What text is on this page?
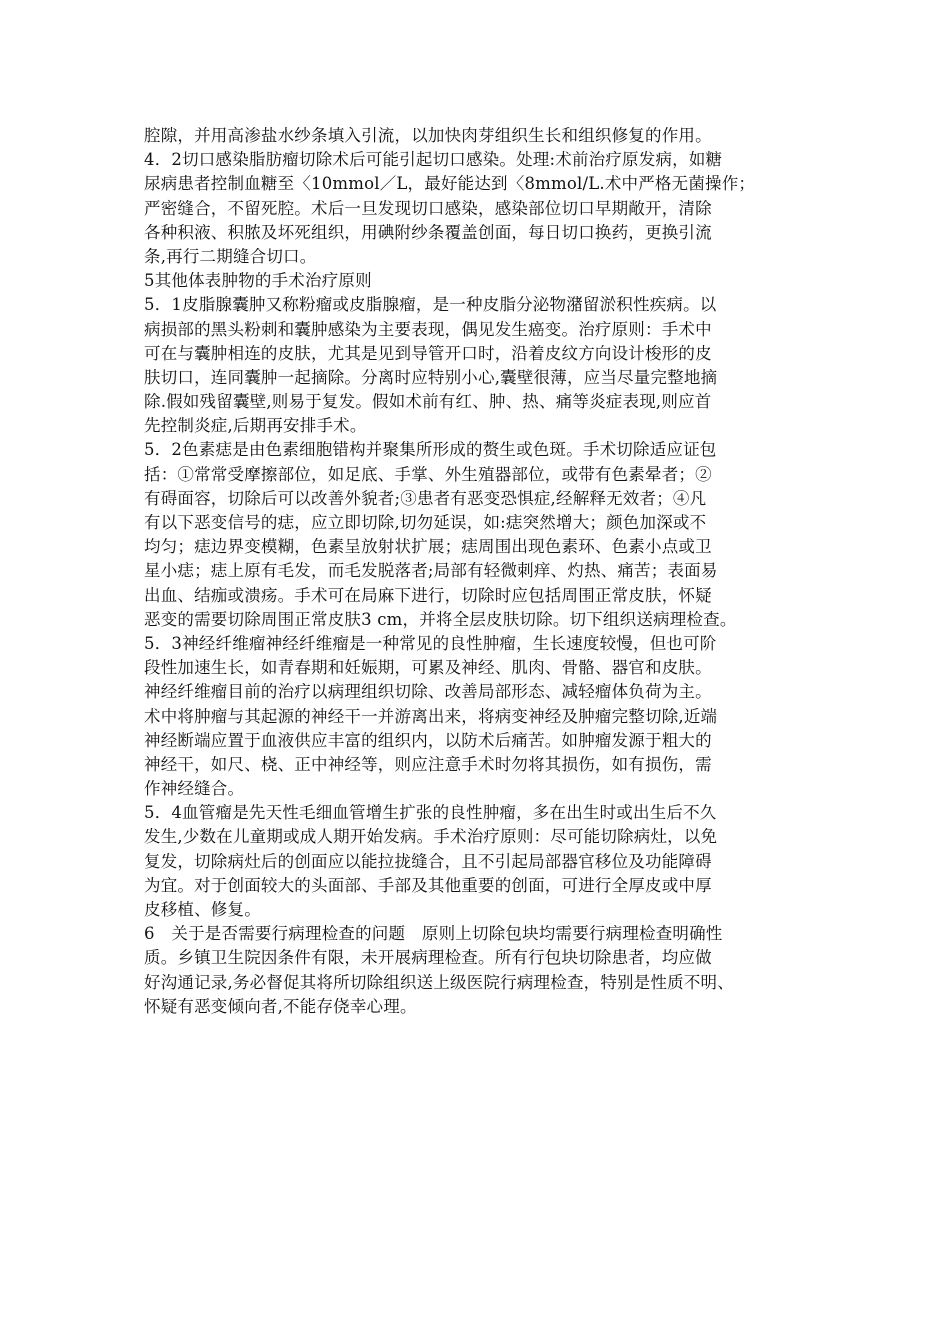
腔隙，并用高渗盐水纱条填入引流，以加快肉芽组织生长和组织修复的作用。
4．2切口感染脂肪瘤切除术后可能引起切口感染。处理:术前治疗原发病，如糖
尿病患者控制血糖至〈10mmol／L，最好能达到〈8mmol/L.术中严格无菌操作；
严密缝合，不留死腔。术后一旦发现切口感染，感染部位切口早期敞开，清除
各种积液、积脓及坏死组织，用碘附纱条覆盖创面，每日切口换药，更换引流
条,再行二期缝合切口。
5其他体表肿物的手术治疗原则
5．1皮脂腺囊肿又称粉瘤或皮脂腺瘤，是一种皮脂分泌物潴留淤积性疾病。以
病损部的黑头粉刺和囊肿感染为主要表现，偶见发生癌变。治疗原则：手术中
可在与囊肿相连的皮肤，尤其是见到导管开口时，沿着皮纹方向设计梭形的皮
肤切口，连同囊肿一起摘除。分离时应特别小心,囊壁很薄，应当尽量完整地摘
除.假如残留囊壁,则易于复发。假如术前有红、肿、热、痛等炎症表现,则应首
先控制炎症,后期再安排手术。
5．2色素痣是由色素细胞错构并聚集所形成的赘生或色斑。手术切除适应证包
括：①常常受摩擦部位，如足底、手掌、外生殖器部位，或带有色素晕者；②
有碍面容，切除后可以改善外貌者;③患者有恶变恐惧症,经解释无效者；④凡
有以下恶变信号的痣，应立即切除,切勿延误，如:痣突然增大；颜色加深或不
均匀；痣边界变模糊，色素呈放射状扩展；痣周围出现色素环、色素小点或卫
星小痣；痣上原有毛发，而毛发脱落者;局部有轻微刺痒、灼热、痛苦；表面易
出血、结痂或溃疡。手术可在局麻下进行，切除时应包括周围正常皮肤，怀疑
恶变的需要切除周围正常皮肤3 cm，并将全层皮肤切除。切下组织送病理检查。
5．3神经纤维瘤神经纤维瘤是一种常见的良性肿瘤，生长速度较慢，但也可阶
段性加速生长，如青春期和妊娠期，可累及神经、肌肉、骨骼、器官和皮肤。
神经纤维瘤目前的治疗以病理组织切除、改善局部形态、减轻瘤体负荷为主。
术中将肿瘤与其起源的神经干一并游离出来，将病变神经及肿瘤完整切除,近端
神经断端应置于血液供应丰富的组织内，以防术后痛苦。如肿瘤发源于粗大的
神经干，如尺、桡、正中神经等，则应注意手术时勿将其损伤，如有损伤，需
作神经缝合。
5．4血管瘤是先天性毛细血管增生扩张的良性肿瘤，多在出生时或出生后不久
发生,少数在儿童期或成人期开始发病。手术治疗原则：尽可能切除病灶，以免
复发，切除病灶后的创面应以能拉拢缝合，且不引起局部器官移位及功能障碍
为宜。对于创面较大的头面部、手部及其他重要的创面，可进行全厚皮或中厚
皮移植、修复。
6　关于是否需要行病理检查的问题　原则上切除包块均需要行病理检查明确性
质。乡镇卫生院因条件有限，未开展病理检查。所有行包块切除患者，均应做
好沟通记录,务必督促其将所切除组织送上级医院行病理检查，特别是性质不明、
怀疑有恶变倾向者,不能存侥幸心理。
